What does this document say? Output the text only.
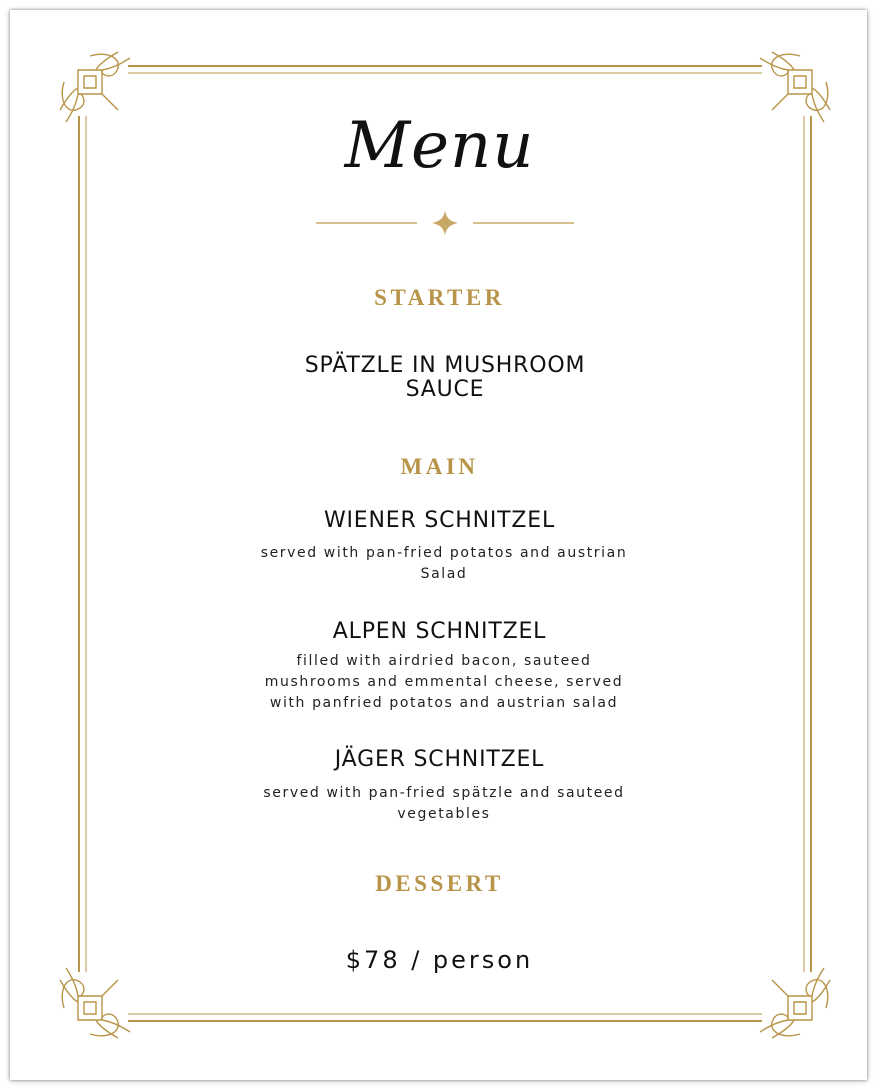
Menu
STARTER
SPÄTZLE IN MUSHROOM SAUCE
MAIN
WIENER SCHNITZEL
served with pan-fried potatos and austrian Salad
ALPEN SCHNITZEL
filled with airdried bacon, sauteed mushrooms and emmental cheese, served with panfried potatos and austrian salad
JÄGER SCHNITZEL
served with pan-fried spätzle and sauteed vegetables
DESSERT
$78 / person
